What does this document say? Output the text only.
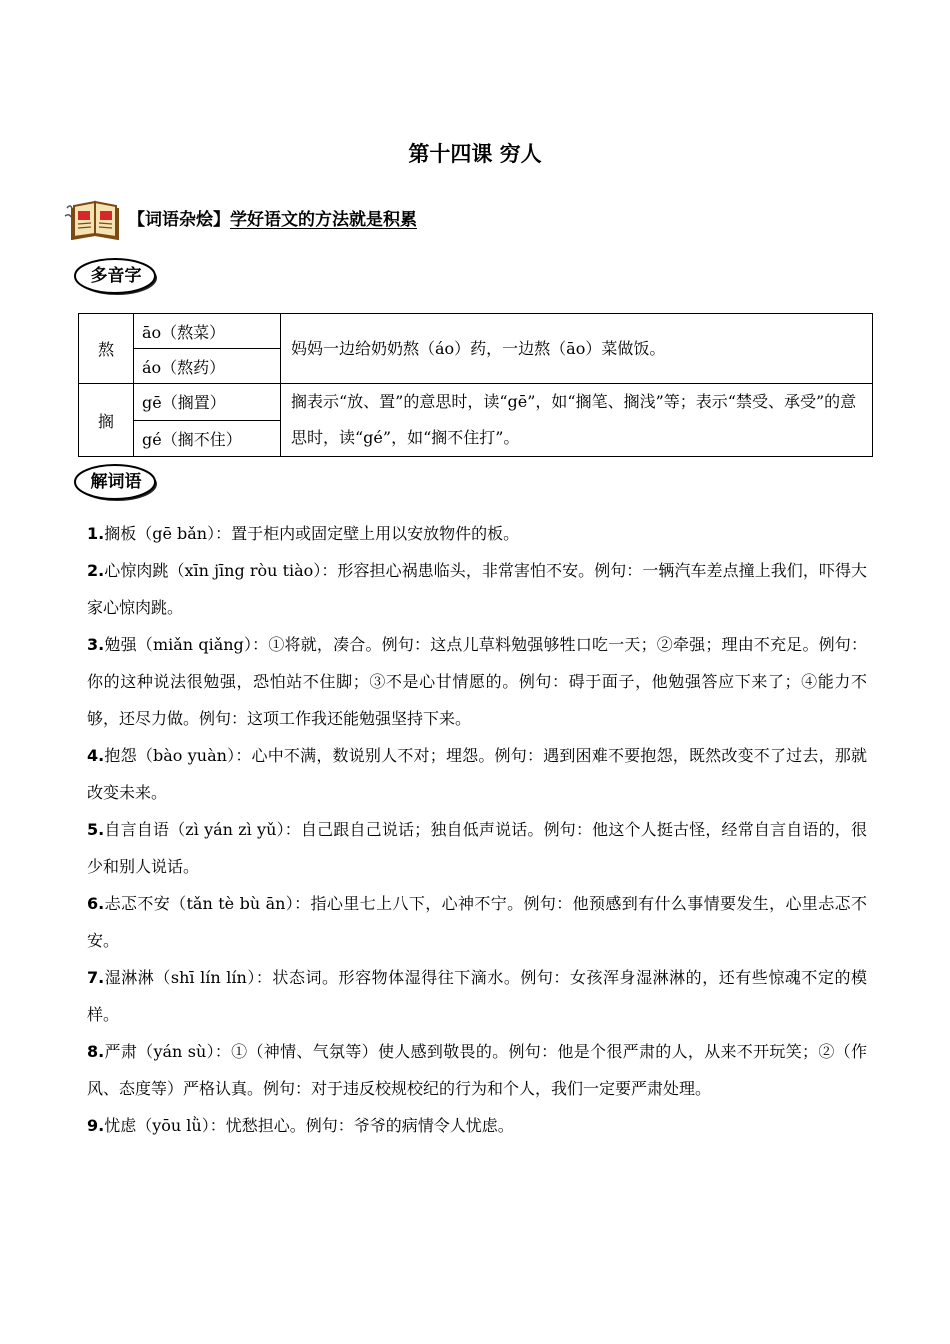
第十四课 穷人
【词语杂烩】 学好语文的方法就是积累
多音字
熬	āo（熬菜）	妈妈一边给奶奶熬（áo）药，一边熬（āo）菜做饭。
	áo（熬药）	
搁	gē（搁置）	搁表示“放、置”的意思时，读“gē”，如“搁笔、搁浅”等；表示“禁受、承受”的意思时，读“gé”，如“搁不住打”。
	gé（搁不住）	
解词语

1.搁板（gē bǎn）：置于柜内或固定壁上用以安放物件的板。

2.心惊肉跳（xīn jīng ròu tiào）：形容担心祸患临头，非常害怕不安。例句：一辆汽车差点撞上我们，吓得大家心惊肉跳。

3.勉强（miǎn qiǎng）：①将就，凑合。例句：这点儿草料勉强够牲口吃一天；②牵强；理由不充足。例句：你的这种说法很勉强，恐怕站不住脚；③不是心甘情愿的。例句：碍于面子，他勉强答应下来了；④能力不够，还尽力做。例句：这项工作我还能勉强坚持下来。

4.抱怨（bào yuàn）：心中不满，数说别人不对；埋怨。例句：遇到困难不要抱怨，既然改变不了过去，那就改变未来。

5.自言自语（zì yán zì yǔ）：自己跟自己说话；独自低声说话。例句：他这个人挺古怪，经常自言自语的，很少和别人说话。

6.忐忑不安（tǎn tè bù ān）：指心里七上八下，心神不宁。例句：他预感到有什么事情要发生，心里忐忑不安。

7.湿淋淋（shī lín lín）：状态词。形容物体湿得往下滴水。例句：女孩浑身湿淋淋的，还有些惊魂不定的模样。

8.严肃（yán sù）：①（神情、气氛等）使人感到敬畏的。例句：他是个很严肃的人，从来不开玩笑；②（作风、态度等）严格认真。例句：对于违反校规校纪的行为和个人，我们一定要严肃处理。

9.忧虑（yōu lǜ）：忧愁担心。例句：爷爷的病情令人忧虑。
